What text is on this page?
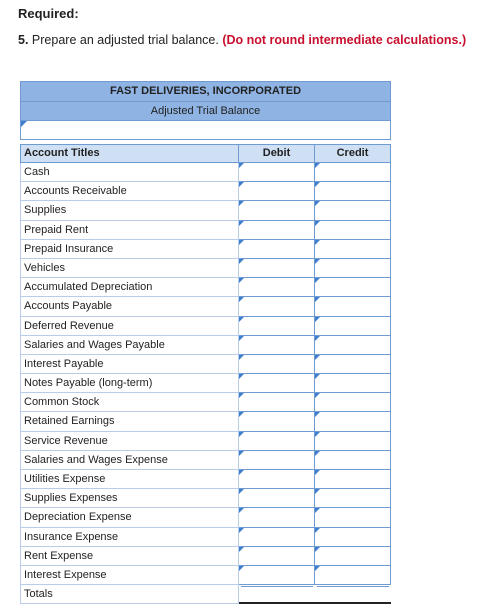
Required:
5. Prepare an adjusted trial balance. (Do not round intermediate calculations.)
FAST DELIVERIES, INCORPORATED
Adjusted Trial Balance
Account Titles	Debit	Credit
Cash
Accounts Receivable
Supplies
Prepaid Rent
Prepaid Insurance
Vehicles
Accumulated Depreciation
Accounts Payable
Deferred Revenue
Salaries and Wages Payable
Interest Payable
Notes Payable (long-term)
Common Stock
Retained Earnings
Service Revenue
Salaries and Wages Expense
Utilities Expense
Supplies Expenses
Depreciation Expense
Insurance Expense
Rent Expense
Interest Expense
Totals
